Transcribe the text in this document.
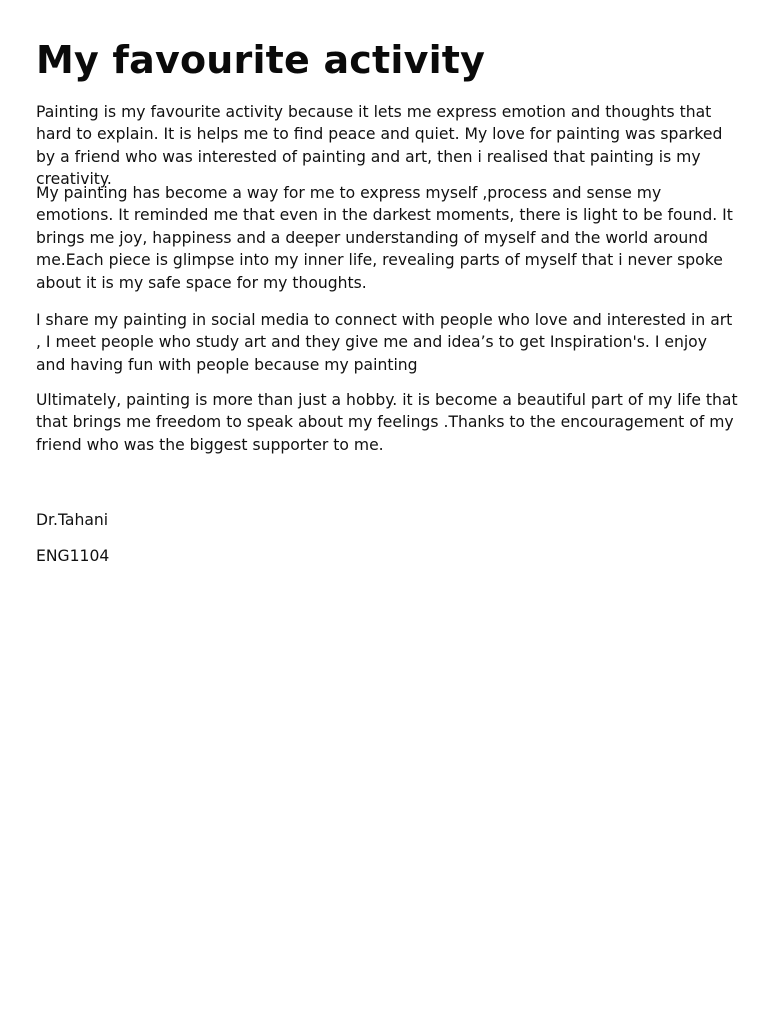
My favourite activity

Painting is my favourite activity because it lets me express emotion and thoughts that hard to explain. It is helps me to find peace and quiet. My love for painting was sparked by a friend who was interested of painting and art, then i realised that painting is my creativity.

My painting has become a way for me to express myself ,process and sense my emotions. It reminded me that even in the darkest moments, there is light to be found. It brings me joy, happiness and a deeper understanding of myself and the world around me.Each piece is glimpse into my inner life, revealing parts of myself that i never spoke about it is my safe space for my thoughts.

I share my painting in social media to connect with people who love and interested in art , I meet people who study art and they give me and idea’s to get Inspiration's. I enjoy and having fun with people because my painting

Ultimately, painting is more than just a hobby. it is become a beautiful part of my life that that brings me freedom to speak about my feelings .Thanks to the encouragement of my friend who was the biggest supporter to me.

Dr.Tahani

ENG1104
